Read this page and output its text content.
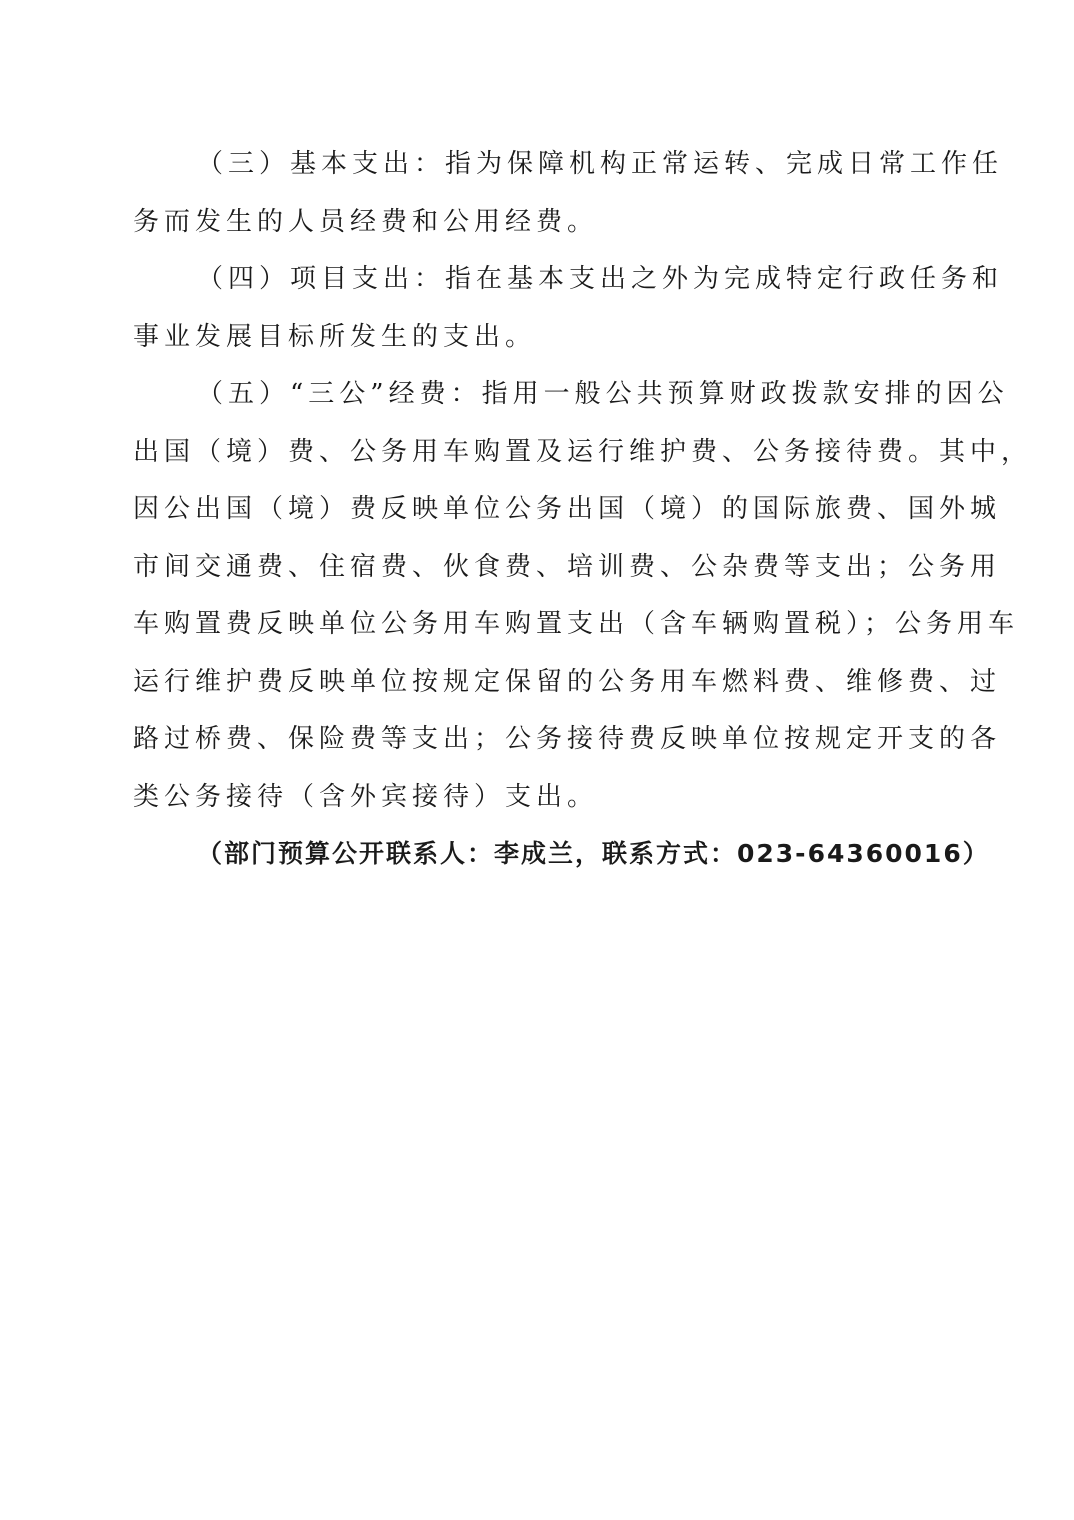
（三）基本支出：指为保障机构正常运转、完成日常工作任
务而发生的人员经费和公用经费。
（四）项目支出：指在基本支出之外为完成特定行政任务和
事业发展目标所发生的支出。
（五）“三公”经费：指用一般公共预算财政拨款安排的因公
出国（境）费、公务用车购置及运行维护费、公务接待费。其中，
因公出国（境）费反映单位公务出国（境）的国际旅费、国外城
市间交通费、住宿费、伙食费、培训费、公杂费等支出；公务用
车购置费反映单位公务用车购置支出（含车辆购置税）；公务用车
运行维护费反映单位按规定保留的公务用车燃料费、维修费、过
路过桥费、保险费等支出；公务接待费反映单位按规定开支的各
类公务接待（含外宾接待）支出。
（部门预算公开联系人：李成兰，联系方式：023-64360016）
